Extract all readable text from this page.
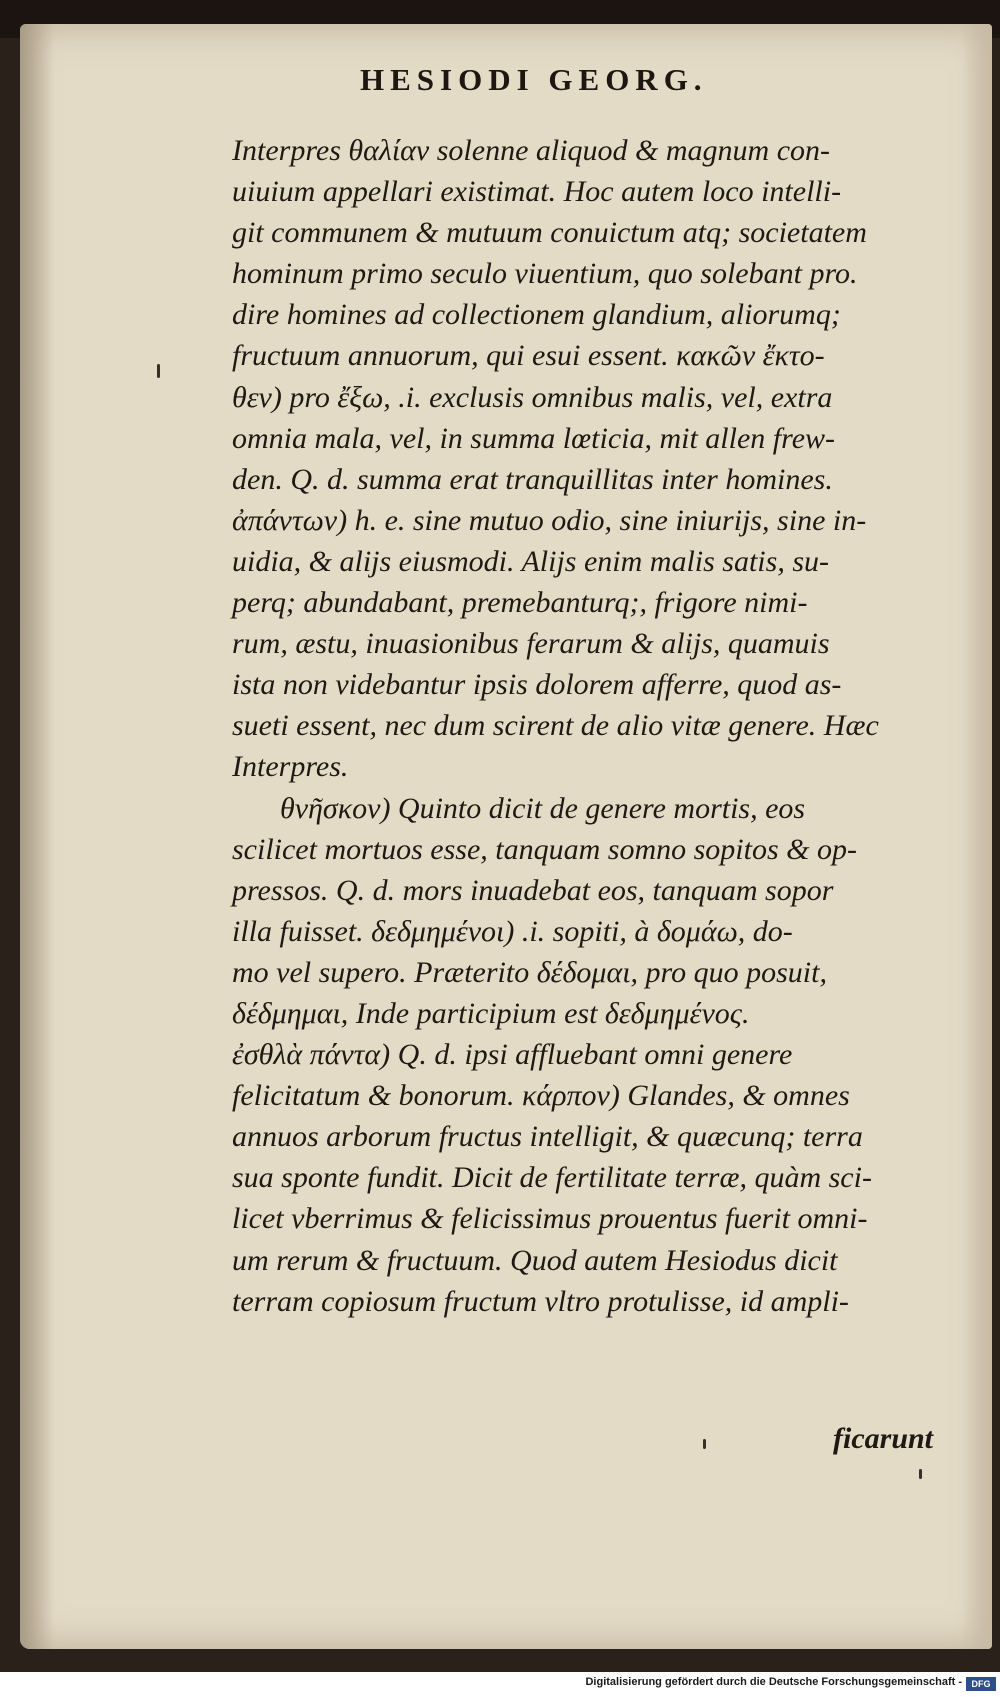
HESIODI GEORG.
Interpres θαλίαν solenne aliquod & magnum con-
uiuium appellari existimat. Hoc autem loco intelli-
git communem & mutuum conuictum atq; societatem
hominum primo seculo viuentium, quo solebant pro.
dire homines ad collectionem glandium, aliorumq;
fructuum annuorum, qui esui essent. κακῶν ἔκτο-
θεν) pro ἔξω, .i. exclusis omnibus malis, vel, extra
omnia mala, vel, in summa lœticia, mit allen frew-
den. Q. d. summa erat tranquillitas inter homines.
ἀπάντων) h. e. sine mutuo odio, sine iniurijs, sine in-
uidia, & alijs eiusmodi. Alijs enim malis satis, su-
perq; abundabant, premebanturq;, frigore nimi-
rum, æstu, inuasionibus ferarum & alijs, quamuis
ista non videbantur ipsis dolorem afferre, quod as-
sueti essent, nec dum scirent de alio vitæ genere. Hæc
Interpres.
θνῆσκον) Quinto dicit de genere mortis, eos
scilicet mortuos esse, tanquam somno sopitos & op-
pressos. Q. d. mors inuadebat eos, tanquam sopor
illa fuisset. δεδμημένοι) .i. sopiti, à δομάω, do-
mo vel supero. Præterito δέδομαι, pro quo posuit,
δέδμημαι, Inde participium est δεδμημένος.
ἐσθλὰ πάντα) Q. d. ipsi affluebant omni genere
felicitatum & bonorum. κάρπον) Glandes, & omnes
annuos arborum fructus intelligit, & quæcunq; terra
sua sponte fundit. Dicit de fertilitate terræ, quàm sci-
licet vberrimus & felicissimus prouentus fuerit omni-
um rerum & fructuum. Quod autem Hesiodus dicit
terram copiosum fructum vltro protulisse, id ampli-
ficarunt
Digitalisierung gefördert durch die Deutsche Forschungsgemeinschaft -	DFG
